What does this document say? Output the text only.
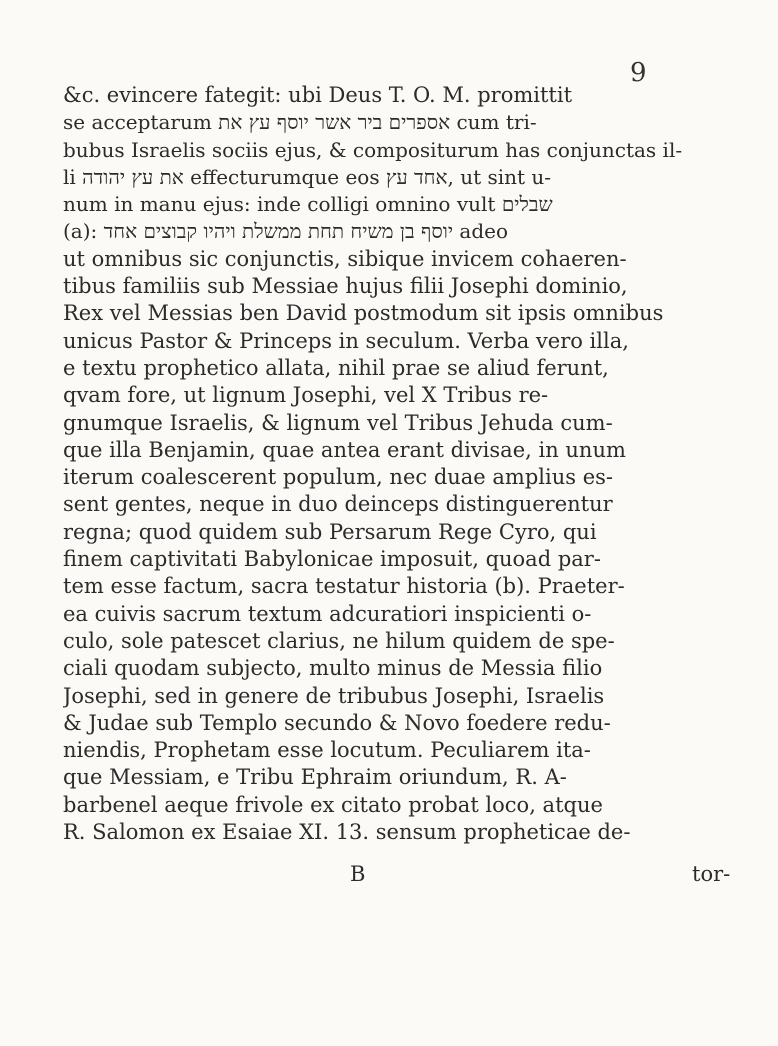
9
&c. evincere fategit: ubi Deus T. O. M. promittit
se acceptarum אספרים ביר אשר יוסף עץ את cum tri-
bubus Israelis sociis ejus, & compositurum has conjunctas il-
li את עץ יהודה effecturumque eos אחד עץ, ut sint u-
num in manu ejus: inde colligi omnino vult שבלים
(a): יוסף בן משיח תחת ממשלת ויהיו קבוצים אחד adeo
ut omnibus sic conjunctis, sibique invicem cohaeren-
tibus familiis sub Messiae hujus filii Josephi dominio,
Rex vel Messias ben David postmodum sit ipsis omnibus
unicus Pastor & Princeps in seculum. Verba vero illa,
e textu prophetico allata, nihil prae se aliud ferunt,
qvam fore, ut lignum Josephi, vel X Tribus re-
gnumque Israelis, & lignum vel Tribus Jehuda cum-
que illa Benjamin, quae antea erant divisae, in unum
iterum coalescerent populum, nec duae amplius es-
sent gentes, neque in duo deinceps distinguerentur
regna; quod quidem sub Persarum Rege Cyro, qui
finem captivitati Babylonicae imposuit, quoad par-
tem esse factum, sacra testatur historia (b). Praeter-
ea cuivis sacrum textum adcuratiori inspicienti o-
culo, sole patescet clarius, ne hilum quidem de spe-
ciali quodam subjecto, multo minus de Messia filio
Josephi, sed in genere de tribubus Josephi, Israelis
& Judae sub Templo secundo & Novo foedere redu-
niendis, Prophetam esse locutum. Peculiarem ita-
que Messiam, e Tribu Ephraim oriundum, R. A-
barbenel aeque frivole ex citato probat loco, atque
R. Salomon ex Esaiae XI. 13. sensum propheticae de-
B	tor-
